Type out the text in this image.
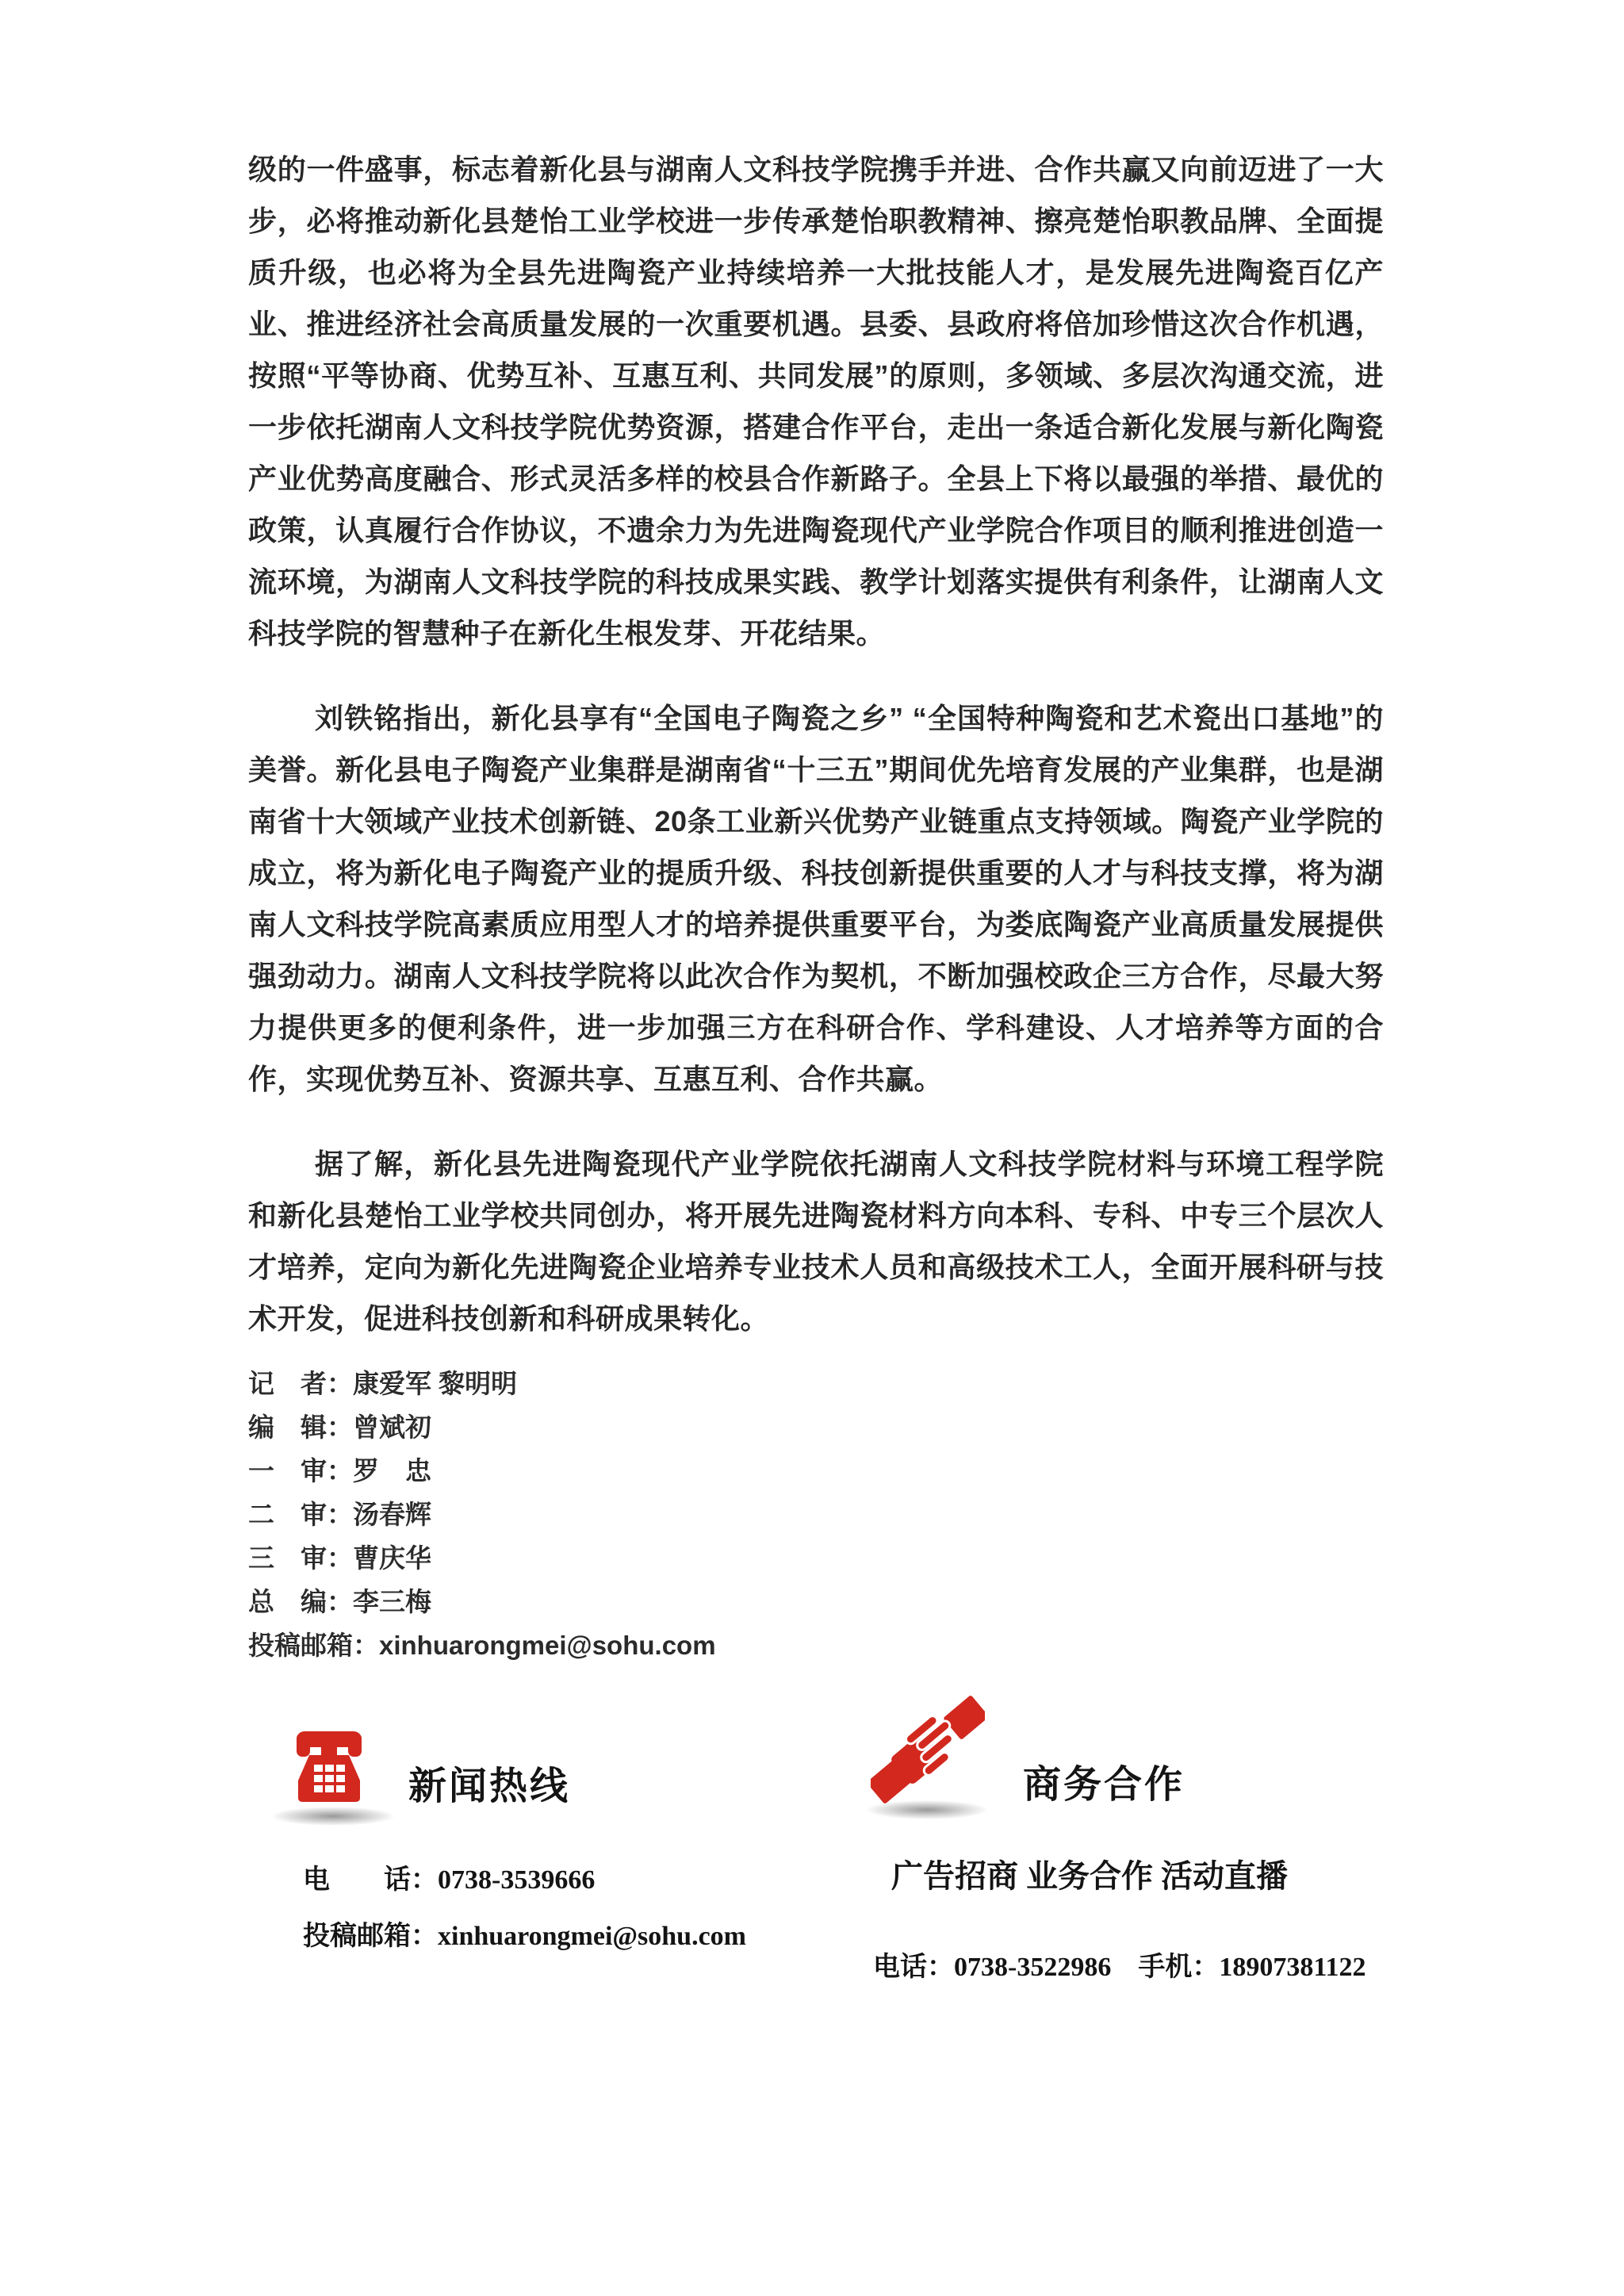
级的一件盛事，标志着新化县与湖南人文科技学院携手并进、合作共赢又向前迈进了一大步，必将推动新化县楚怡工业学校进一步传承楚怡职教精神、擦亮楚怡职教品牌、全面提质升级，也必将为全县先进陶瓷产业持续培养一大批技能人才，是发展先进陶瓷百亿产业、推进经济社会高质量发展的一次重要机遇。县委、县政府将倍加珍惜这次合作机遇，按照“平等协商、优势互补、互惠互利、共同发展”的原则，多领域、多层次沟通交流，进一步依托湖南人文科技学院优势资源，搭建合作平台，走出一条适合新化发展与新化陶瓷产业优势高度融合、形式灵活多样的校县合作新路子。全县上下将以最强的举措、最优的政策，认真履行合作协议，不遗余力为先进陶瓷现代产业学院合作项目的顺利推进创造一流环境，为湖南人文科技学院的科技成果实践、教学计划落实提供有利条件，让湖南人文科技学院的智慧种子在新化生根发芽、开花结果。

刘铁铭指出，新化县享有“全国电子陶瓷之乡” “全国特种陶瓷和艺术瓷出口基地”的美誉。新化县电子陶瓷产业集群是湖南省“十三五”期间优先培育发展的产业集群，也是湖南省十大领域产业技术创新链、20条工业新兴优势产业链重点支持领域。陶瓷产业学院的成立，将为新化电子陶瓷产业的提质升级、科技创新提供重要的人才与科技支撑，将为湖南人文科技学院高素质应用型人才的培养提供重要平台，为娄底陶瓷产业高质量发展提供强劲动力。湖南人文科技学院将以此次合作为契机，不断加强校政企三方合作，尽最大努力提供更多的便利条件，进一步加强三方在科研合作、学科建设、人才培养等方面的合作，实现优势互补、资源共享、互惠互利、合作共赢。

据了解，新化县先进陶瓷现代产业学院依托湖南人文科技学院材料与环境工程学院和新化县楚怡工业学校共同创办，将开展先进陶瓷材料方向本科、专科、中专三个层次人才培养，定向为新化先进陶瓷企业培养专业技术人员和高级技术工人，全面开展科研与技术开发，促进科技创新和科研成果转化。

记　者：康爱军 黎明明
编　辑：曾斌初
一　审：罗　忠
二　审：汤春辉
三　审：曹庆华
总　编：李三梅
投稿邮箱：xinhuarongmei@sohu.com
新闻热线
电　　话：0738-3539666
投稿邮箱：xinhuarongmei@sohu.com
商务合作
广告招商 业务合作 活动直播
电话：0738-3522986　手机：18907381122
